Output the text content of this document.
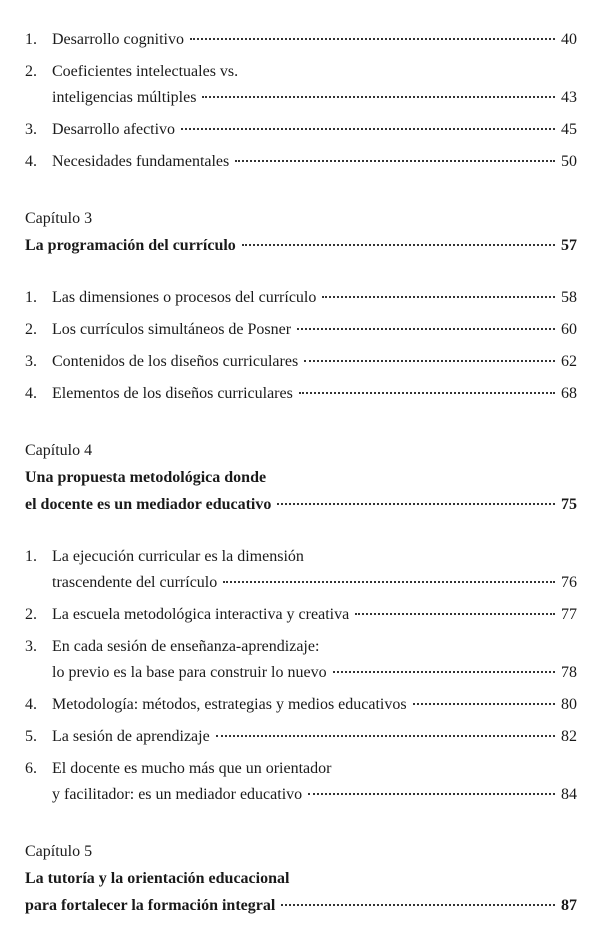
1. Desarrollo cognitivo	40
2. Coeficientes intelectuales vs.
inteligencias múltiples	43
3. Desarrollo afectivo	45
4. Necesidades fundamentales	50
Capítulo 3
La programación del currículo	57
1. Las dimensiones o procesos del currículo	58
2. Los currículos simultáneos de Posner	60
3. Contenidos de los diseños curriculares	62
4. Elementos de los diseños curriculares	68
Capítulo 4
Una propuesta metodológica donde
el docente es un mediador educativo	75
1. La ejecución curricular es la dimensión
trascendente del currículo	76
2. La escuela metodológica interactiva y creativa	77
3. En cada sesión de enseñanza-aprendizaje:
lo previo es la base para construir lo nuevo	78
4. Metodología: métodos, estrategias y medios educativos	80
5. La sesión de aprendizaje	82
6. El docente es mucho más que un orientador
y facilitador: es un mediador educativo	84
Capítulo 5
La tutoría y la orientación educacional
para fortalecer la formación integral	87
